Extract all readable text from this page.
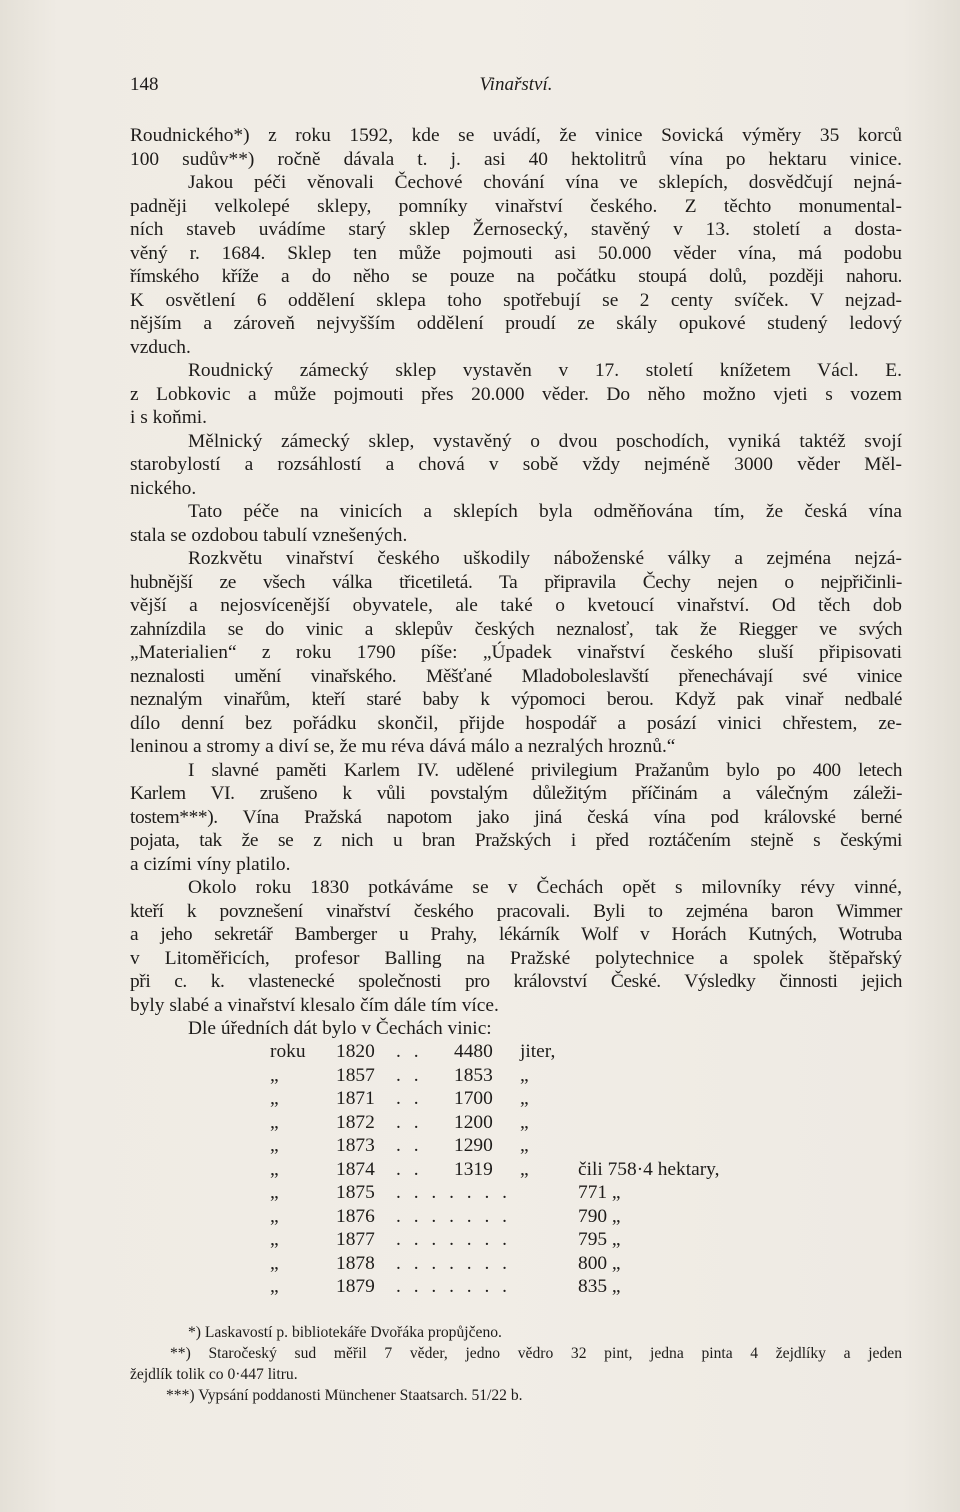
148	Vinařství.
Roudnického*) z roku 1592, kde se uvádí, že vinice Sovická výměry 35 korců
100 sudův**) ročně dávala t. j. asi 40 hektolitrů vína po hektaru vinice.
Jakou péči věnovali Čechové chování vína ve sklepích, dosvědčují nejná-
padněji velkolepé sklepy, pomníky vinařství českého. Z těchto monumental-
ních staveb uvádíme starý sklep Žernosecký, stavěný v 13. století a dosta-
věný r. 1684. Sklep ten může pojmouti asi 50.000 věder vína, má podobu
římského kříže a do něho se pouze na počátku stoupá dolů, později nahoru.
K osvětlení 6 oddělení sklepa toho spotřebují se 2 centy svíček. V nejzad-
nějším a zároveň nejvyšším oddělení proudí ze skály opukové studený ledový
vzduch.
Roudnický zámecký sklep vystavěn v 17. století knížetem Václ. E.
z Lobkovic a může pojmouti přes 20.000 věder. Do něho možno vjeti s vozem
i s koňmi.
Mělnický zámecký sklep, vystavěný o dvou poschodích, vyniká taktéž svojí
starobylostí a rozsáhlostí a chová v sobě vždy nejméně 3000 věder Měl-
nického.
Tato péče na vinicích a sklepích byla odměňována tím, že česká vína
stala se ozdobou tabulí vznešených.
Rozkvětu vinařství českého uškodily náboženské války a zejména nejzá-
hubnější ze všech válka třicetiletá. Ta připravila Čechy nejen o nejpřičinli-
vější a nejosvícenější obyvatele, ale také o kvetoucí vinařství. Od těch dob
zahnízdila se do vinic a sklepův českých neznalosť, tak že Riegger ve svých
„Materialien“ z roku 1790 píše: „Úpadek vinařství českého sluší připisovati
neznalosti umění vinařského. Měšťané Mladoboleslavští přenechávají své vinice
neznalým vinařům, kteří staré baby k výpomoci berou. Když pak vinař nedbalé
dílo denní bez pořádku skončil, přijde hospodář a posází vinici chřestem, ze-
leninou a stromy a diví se, že mu réva dává málo a nezralých hroznů.“
I slavné paměti Karlem IV. udělené privilegium Pražanům bylo po 400 letech
Karlem VI. zrušeno k vůli povstalým důležitým příčinám a válečným záleži-
tostem***). Vína Pražská napotom jako jiná česká vína pod královské berné
pojata, tak že se z nich u bran Pražských i před roztáčením stejně s českými
a cizími víny platilo.
Okolo roku 1830 potkáváme se v Čechách opět s milovníky révy vinné,
kteří k povznešení vinařství českého pracovali. Byli to zejména baron Wimmer
a jeho sekretář Bamberger u Prahy, lékárník Wolf v Horách Kutných, Wotruba
v Litoměřicích, profesor Balling na Pražské polytechnice a spolek štěpařský
při c. k. vlastenecké společnosti pro království České. Výsledky činnosti jejich
byly slabé a vinařství klesalo čím dále tím více.
Dle úředních dát bylo v Čechách vinic:
roku 1820 . . 4480 jiter,
„	1857 . . 1853 „
„	1871 . . 1700 „
„	1872 . . 1200 „
„	1873 . . 1290 „
„	1874 . . 1319 „	čili 758·4 hektary,
„	1875 . . . . . . .	771 „
„	1876 . . . . . . .	790 „
„	1877 . . . . . . .	795 „
„	1878 . . . . . . .	800 „
„	1879 . . . . . . .	835 „
*) Laskavostí p. bibliotekáře Dvořáka propůjčeno.
**) Staročeský sud měřil 7 věder, jedno vědro 32 pint, jedna pinta 4 žejdlíky a jeden
žejdlík tolik co 0·447 litru.
***) Vypsání poddanosti Münchener Staatsarch. 51/22 b.
